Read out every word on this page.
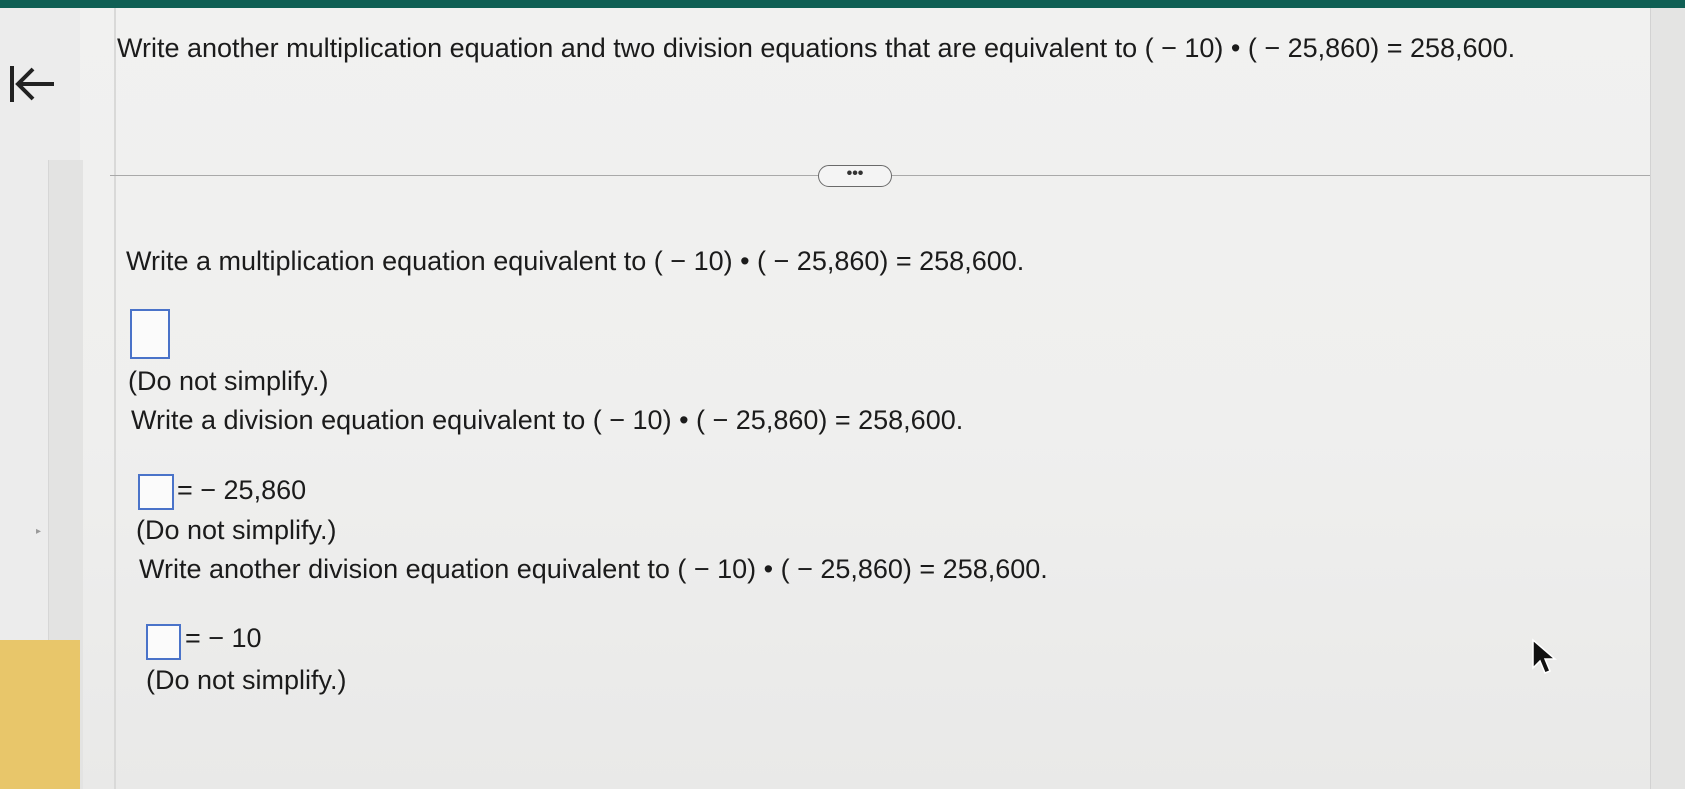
▸
Write another multiplication equation and two division equations that are equivalent to ( − 10) • ( − 25,860) = 258,600.
•••
Write a multiplication equation equivalent to ( − 10) • ( − 25,860) = 258,600.
(Do not simplify.)
Write a division equation equivalent to ( − 10) • ( − 25,860) = 258,600.
= − 25,860
(Do not simplify.)
Write another division equation equivalent to ( − 10) • ( − 25,860) = 258,600.
= − 10
(Do not simplify.)
